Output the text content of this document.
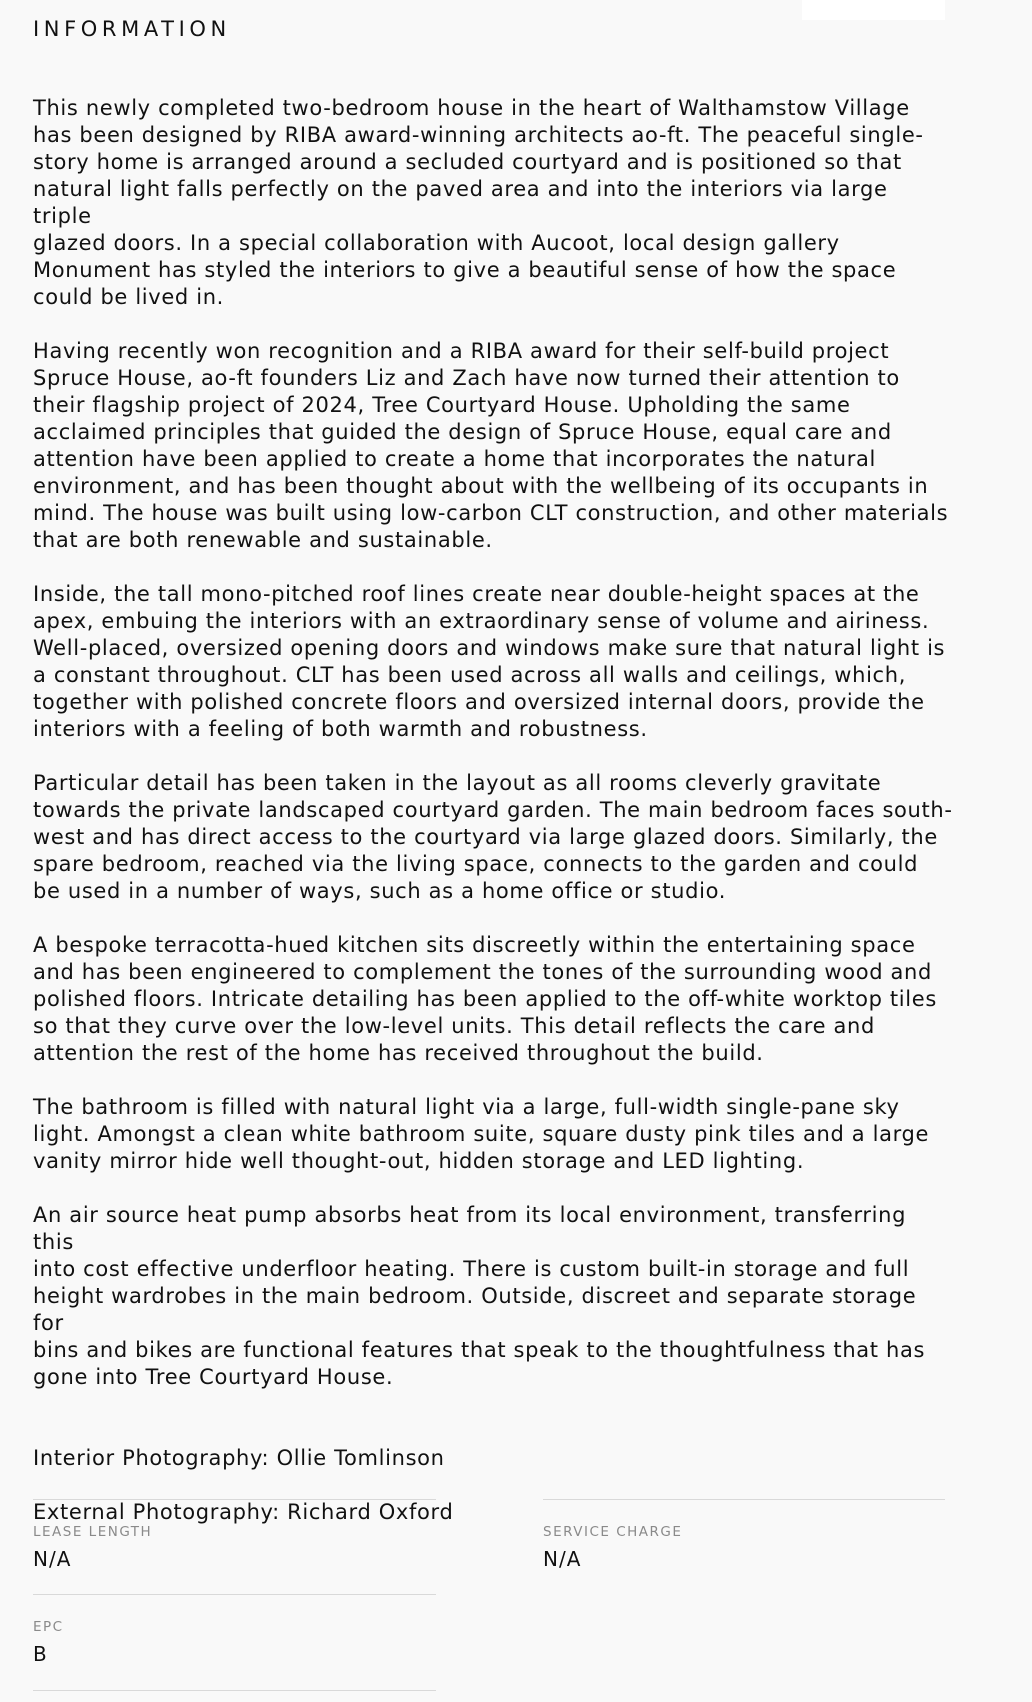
INFORMATION

This newly completed two-bedroom house in the heart of Walthamstow Village
has been designed by RIBA award-winning architects ao-ft. The peaceful single-
story home is arranged around a secluded courtyard and is positioned so that
natural light falls perfectly on the paved area and into the interiors via large triple
glazed doors. In a special collaboration with Aucoot, local design gallery
Monument has styled the interiors to give a beautiful sense of how the space
could be lived in.

Having recently won recognition and a RIBA award for their self-build project
Spruce House, ao-ft founders Liz and Zach have now turned their attention to
their flagship project of 2024, Tree Courtyard House. Upholding the same
acclaimed principles that guided the design of Spruce House, equal care and
attention have been applied to create a home that incorporates the natural
environment, and has been thought about with the wellbeing of its occupants in
mind. The house was built using low-carbon CLT construction, and other materials
that are both renewable and sustainable.

Inside, the tall mono-pitched roof lines create near double-height spaces at the
apex, embuing the interiors with an extraordinary sense of volume and airiness.
Well-placed, oversized opening doors and windows make sure that natural light is
a constant throughout. CLT has been used across all walls and ceilings, which,
together with polished concrete floors and oversized internal doors, provide the
interiors with a feeling of both warmth and robustness.

Particular detail has been taken in the layout as all rooms cleverly gravitate
towards the private landscaped courtyard garden. The main bedroom faces south-
west and has direct access to the courtyard via large glazed doors. Similarly, the
spare bedroom, reached via the living space, connects to the garden and could
be used in a number of ways, such as a home office or studio.

A bespoke terracotta-hued kitchen sits discreetly within the entertaining space
and has been engineered to complement the tones of the surrounding wood and
polished floors. Intricate detailing has been applied to the off-white worktop tiles
so that they curve over the low-level units. This detail reflects the care and
attention the rest of the home has received throughout the build.

The bathroom is filled with natural light via a large, full-width single-pane sky
light. Amongst a clean white bathroom suite, square dusty pink tiles and a large
vanity mirror hide well thought-out, hidden storage and LED lighting.

An air source heat pump absorbs heat from its local environment, transferring this
into cost effective underfloor heating. There is custom built-in storage and full
height wardrobes in the main bedroom. Outside, discreet and separate storage for
bins and bikes are functional features that speak to the thoughtfulness that has
gone into Tree Courtyard House.

Interior Photography: Ollie Tomlinson

External Photography: Richard Oxford

LEASE LENGTH
N/A
SERVICE CHARGE
N/A
EPC
B
